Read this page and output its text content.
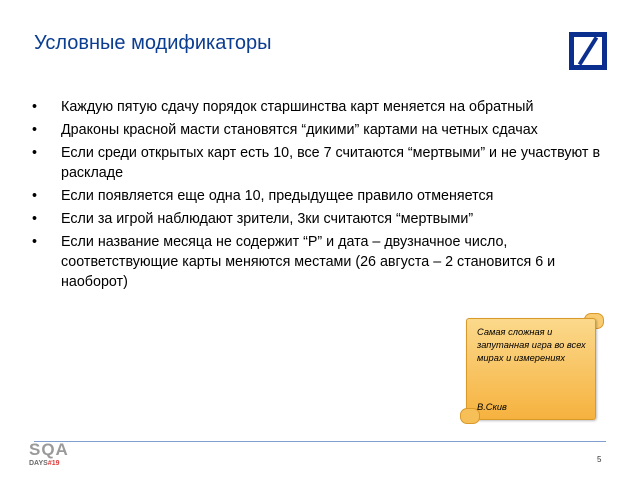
Условные модификаторы
• Каждую пятую сдачу порядок старшинства карт меняется на обратный
• Драконы красной масти становятся “дикими” картами на четных сдачах
• Если среди открытых карт есть 10, все 7 считаются “мертвыми” и не участвуют в раскладе
• Если появляется еще одна 10, предыдущее правило отменяется
• Если за игрой наблюдают зрители, 3ки считаются “мертвыми”
• Если название месяца не содержит “Р” и дата – двузначное число, соответствующие карты меняются местами (26 августа – 2 становится 6 и наоборот)
Самая сложная и запутанная игра во всех мирах и измерениях
В.Скив
5
SQA
DAYS#19
